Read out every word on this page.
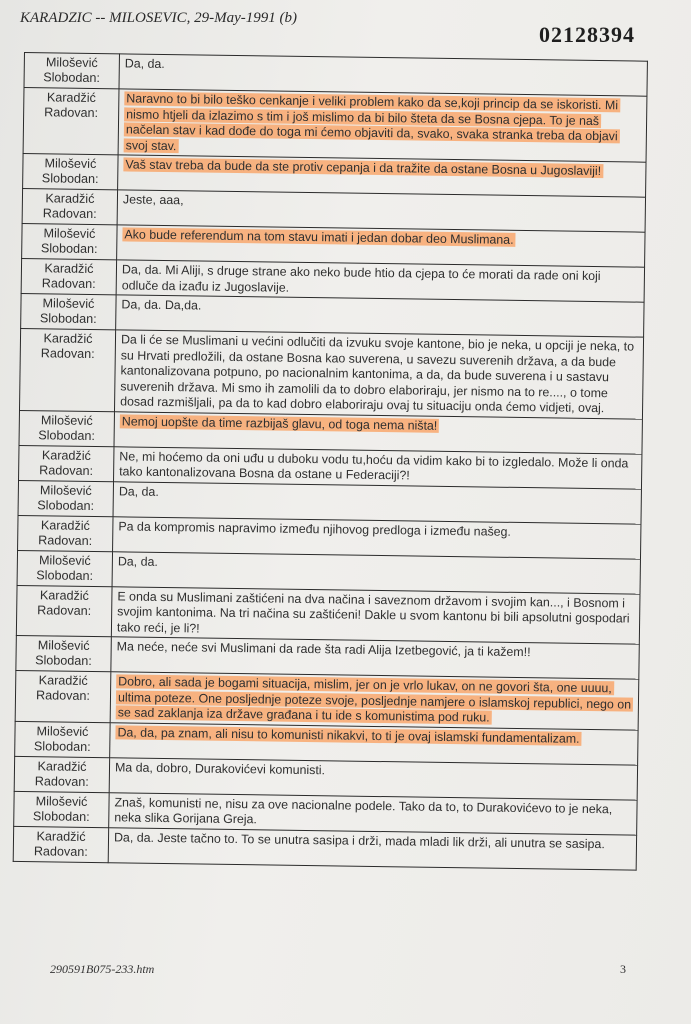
KARADZIC -- MILOSEVIC, 29-May-1991 (b)
02128394
Milošević
Slobodan:	Da, da.

Karadžić
Radovan:	Naravno to bi bilo teško cenkanje i veliki problem kako da se,koji princip da se iskoristi. Mi nismo htjeli da izlazimo s tim i još mislimo da bi bilo šteta da se Bosna cjepa. To je naš načelan stav i kad dođe do toga mi ćemo objaviti da, svako, svaka stranka treba da objavi svoj stav.

Milošević
Slobodan:	Vaš stav treba da bude da ste protiv cepanja i da tražite da ostane Bosna u Jugoslaviji!

Karadžić
Radovan:	Jeste, aaa,

Milošević
Slobodan:	Ako bude referendum na tom stavu imati i jedan dobar deo Muslimana.

Karadžić
Radovan:	Da, da. Mi Aliji, s druge strane ako neko bude htio da cjepa to će morati da rade oni koji odluče da izađu iz Jugoslavije.

Milošević
Slobodan:	Da, da. Da,da.

Karadžić
Radovan:	Da li će se Muslimani u većini odlučiti da izvuku svoje kantone, bio je neka, u opciji je neka, to su Hrvati predložili, da ostane Bosna kao suverena, u savezu suverenih država, a da bude kantonalizovana potpuno, po nacionalnim kantonima, a da, da bude suverena i u sastavu suverenih država. Mi smo ih zamolili da to dobro elaboriraju, jer nismo na to re...., o tome dosad razmišljali, pa da to kad dobro elaboriraju ovaj tu situaciju onda ćemo vidjeti, ovaj.

Milošević
Slobodan:	Nemoj uopšte da time razbijaš glavu, od toga nema ništa!

Karadžić
Radovan:	Ne, mi hoćemo da oni uđu u duboku vodu tu,hoću da vidim kako bi to izgledalo. Može li onda tako kantonalizovana Bosna da ostane u Federaciji?!

Milošević
Slobodan:	Da, da.

Karadžić
Radovan:	Pa da kompromis napravimo između njihovog predloga i između našeg.

Milošević
Slobodan:	Da, da.

Karadžić
Radovan:	E onda su Muslimani zaštićeni na dva načina i saveznom državom i svojim kan..., i Bosnom i svojim kantonima. Na tri načina su zaštićeni! Dakle u svom kantonu bi bili apsolutni gospodari tako reći, je li?!

Milošević
Slobodan:	Ma neće, neće svi Muslimani da rade šta radi Alija Izetbegović, ja ti kažem!!

Karadžić
Radovan:	Dobro, ali sada je bogami situacija, mislim, jer on je vrlo lukav, on ne govori šta, one uuuu, ultima poteze. One posljednje poteze svoje, posljednje namjere o islamskoj republici, nego on se sad zaklanja iza države građana i tu ide s komunistima pod ruku.

Milošević
Slobodan:	Da, da, pa znam, ali nisu to komunisti nikakvi, to ti je ovaj islamski fundamentalizam.

Karadžić
Radovan:	Ma da, dobro, Durakovićevi komunisti.

Milošević
Slobodan:	Znaš, komunisti ne, nisu za ove nacionalne podele. Tako da to, to Durakovićevo to je neka, neka slika Gorijana Greja.

Karadžić
Radovan:	Da, da. Jeste tačno to. To se unutra sasipa i drži, mada mladi lik drži, ali unutra se sasipa.
290591B075-233.htm	3
